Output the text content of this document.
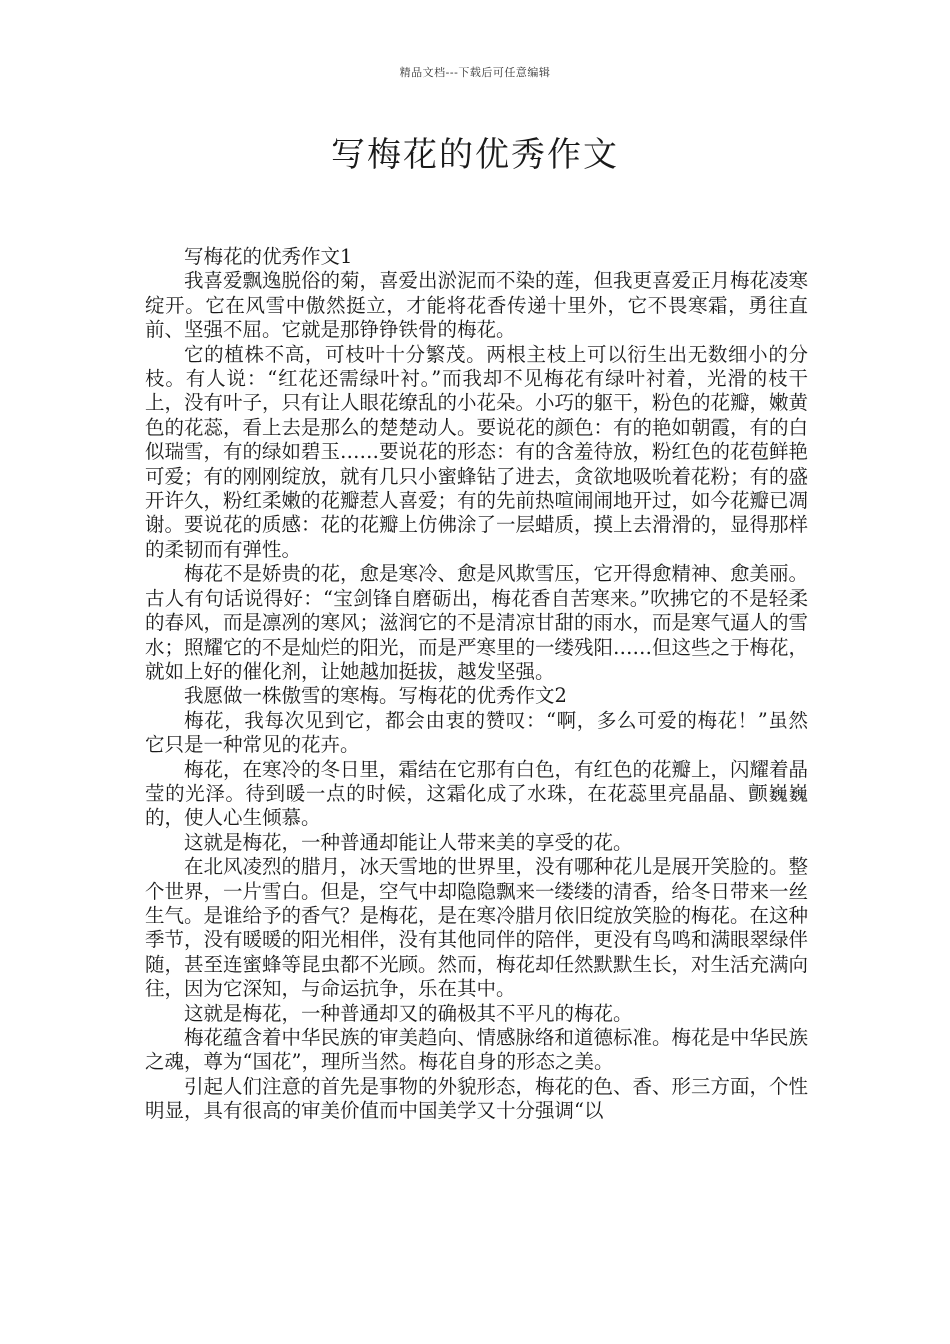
精品文档---下载后可任意编辑
写梅花的优秀作文

写梅花的优秀作文1

我喜爱飘逸脱俗的菊，喜爱出淤泥而不染的莲，但我更喜爱正月梅花凌寒绽开。它在风雪中傲然挺立，才能将花香传递十里外，它不畏寒霜，勇往直前、坚强不屈。它就是那铮铮铁骨的梅花。

它的植株不高，可枝叶十分繁茂。两根主枝上可以衍生出无数细小的分枝。有人说：“红花还需绿叶衬。”而我却不见梅花有绿叶衬着，光滑的枝干上，没有叶子，只有让人眼花缭乱的小花朵。小巧的躯干，粉色的花瓣，嫩黄色的花蕊，看上去是那么的楚楚动人。要说花的颜色：有的艳如朝霞，有的白似瑞雪，有的绿如碧玉……要说花的形态：有的含羞待放，粉红色的花苞鲜艳可爱；有的刚刚绽放，就有几只小蜜蜂钻了进去，贪欲地吸吮着花粉；有的盛开许久，粉红柔嫩的花瓣惹人喜爱；有的先前热喧闹闹地开过，如今花瓣已凋谢。要说花的质感：花的花瓣上仿佛涂了一层蜡质，摸上去滑滑的，显得那样的柔韧而有弹性。

梅花不是娇贵的花，愈是寒冷、愈是风欺雪压，它开得愈精神、愈美丽。古人有句话说得好：“宝剑锋自磨砺出，梅花香自苦寒来。”吹拂它的不是轻柔的春风，而是凛冽的寒风；滋润它的不是清凉甘甜的雨水，而是寒气逼人的雪水；照耀它的不是灿烂的阳光，而是严寒里的一缕残阳……但这些之于梅花，就如上好的催化剂，让她越加挺拔，越发坚强。

我愿做一株傲雪的寒梅。写梅花的优秀作文2

梅花，我每次见到它，都会由衷的赞叹：“啊，多么可爱的梅花！”虽然它只是一种常见的花卉。

梅花，在寒冷的冬日里，霜结在它那有白色，有红色的花瓣上，闪耀着晶莹的光泽。待到暖一点的时候，这霜化成了水珠，在花蕊里亮晶晶、颤巍巍的，使人心生倾慕。

这就是梅花，一种普通却能让人带来美的享受的花。

在北风凌烈的腊月，冰天雪地的世界里，没有哪种花儿是展开笑脸的。整个世界，一片雪白。但是，空气中却隐隐飘来一缕缕的清香，给冬日带来一丝生气。是谁给予的香气？是梅花，是在寒冷腊月依旧绽放笑脸的梅花。在这种季节，没有暖暖的阳光相伴，没有其他同伴的陪伴，更没有鸟鸣和满眼翠绿伴随，甚至连蜜蜂等昆虫都不光顾。然而，梅花却任然默默生长，对生活充满向往，因为它深知，与命运抗争，乐在其中。

这就是梅花，一种普通却又的确极其不平凡的梅花。

梅花蕴含着中华民族的审美趋向、情感脉络和道德标准。梅花是中华民族之魂，尊为“国花”，理所当然。梅花自身的形态之美。

引起人们注意的首先是事物的外貌形态，梅花的色、香、形三方面，个性明显，具有很高的审美价值而中国美学又十分强调“以
